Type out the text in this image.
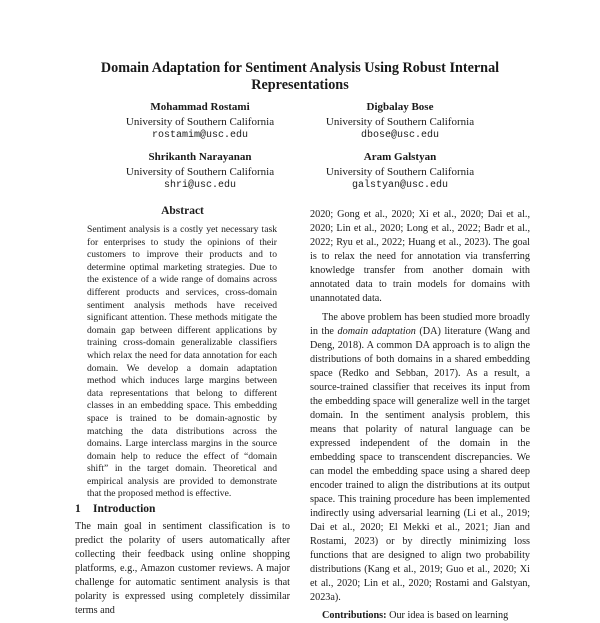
Domain Adaptation for Sentiment Analysis Using Robust Internal Representations
Mohammad Rostami
University of Southern California
rostamim@usc.edu
Digbalay Bose
University of Southern California
dbose@usc.edu
Shrikanth Narayanan
University of Southern California
shri@usc.edu
Aram Galstyan
University of Southern California
galstyan@usc.edu
Abstract
Sentiment analysis is a costly yet necessary task for enterprises to study the opinions of their customers to improve their products and to determine optimal marketing strategies. Due to the existence of a wide range of domains across different products and services, cross-domain sentiment analysis methods have received significant attention. These methods mitigate the domain gap between different applications by training cross-domain generalizable classifiers which relax the need for data annotation for each domain. We develop a domain adaptation method which induces large margins between data representations that belong to different classes in an embedding space. This embedding space is trained to be domain-agnostic by matching the data distributions across the domains. Large interclass margins in the source domain help to reduce the effect of “domain shift” in the target domain. Theoretical and empirical analysis are provided to demonstrate that the proposed method is effective.
1 Introduction
The main goal in sentiment classification is to predict the polarity of users automatically after collecting their feedback using online shopping platforms, e.g., Amazon customer reviews. A major challenge for automatic sentiment analysis is that polarity is expressed using completely dissimilar terms and

2020; Gong et al., 2020; Xi et al., 2020; Dai et al., 2020; Lin et al., 2020; Long et al., 2022; Badr et al., 2022; Ryu et al., 2022; Huang et al., 2023). The goal is to relax the need for annotation via transferring knowledge transfer from another domain with annotated data to train models for domains with unannotated data.

The above problem has been studied more broadly in the domain adaptation (DA) literature (Wang and Deng, 2018). A common DA approach is to align the distributions of both domains in a shared embedding space (Redko and Sebban, 2017). As a result, a source-trained classifier that receives its input from the embedding space will generalize well in the target domain. In the sentiment analysis problem, this means that polarity of natural language can be expressed independent of the domain in the embedding space to transcendent discrepancies. We can model the embedding space using a shared deep encoder trained to align the distributions at its output space. This training procedure has been implemented indirectly using adversarial learning (Li et al., 2019; Dai et al., 2020; El Mekki et al., 2021; Jian and Rostami, 2023) or by directly minimizing loss functions that are designed to align two probability distributions (Kang et al., 2019; Guo et al., 2020; Xi et al., 2020; Lin et al., 2020; Rostami and Galstyan, 2023a).

Contributions: Our idea is based on learning
